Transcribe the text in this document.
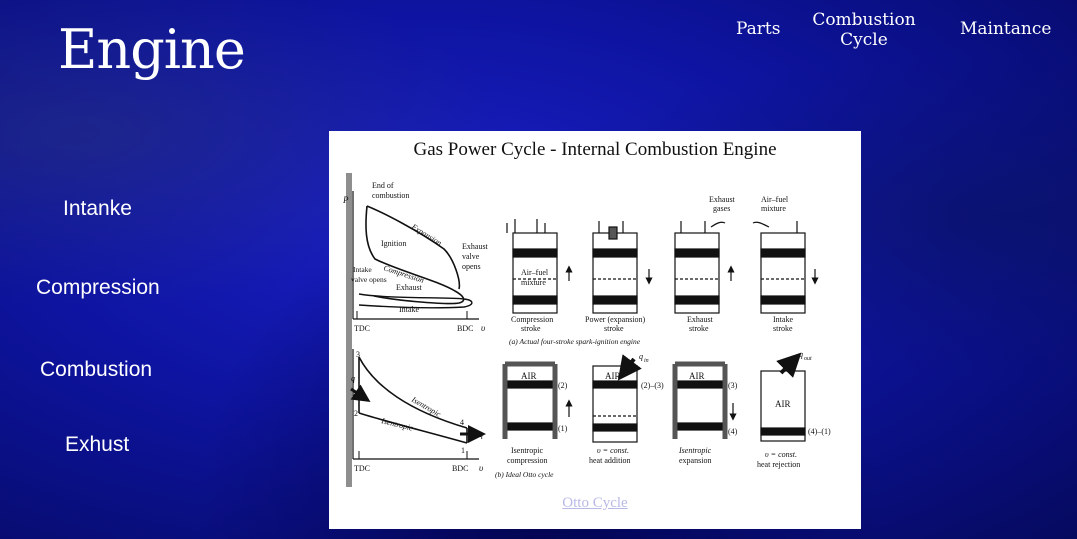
Engine	Parts Combustion
Cycle
Maintance
Intanke
Compression
Combustion
Exhust
Gas Power Cycle - Internal Combustion Engine
P
End of
combustion
Expansion
Ignition	Exhaust
valve
opens
Compression
Intake
valve opens
Exhaust
Intake
TDC	BDC υ
3
2
4
1
q
q
Isentropic
Isentropic
TDC	BDC υ
Exhaust
gases
Air–fuel
mixture
Air–fuel
mixture
Compression
stroke
Power (expansion)
stroke
Exhaust
stroke
Intake
stroke
(a) Actual four-stroke spark-ignition engine
AIR	AIR	AIR
AIR
q in
q out
(2)
(1)
(2)–(3)	(3)
(4)	(4)–(1)
Isentropic
compression
υ = const.
heat addition
Isentropic
expansion
υ = const.
heat rejection
(b) Ideal Otto cycle
Otto Cycle
